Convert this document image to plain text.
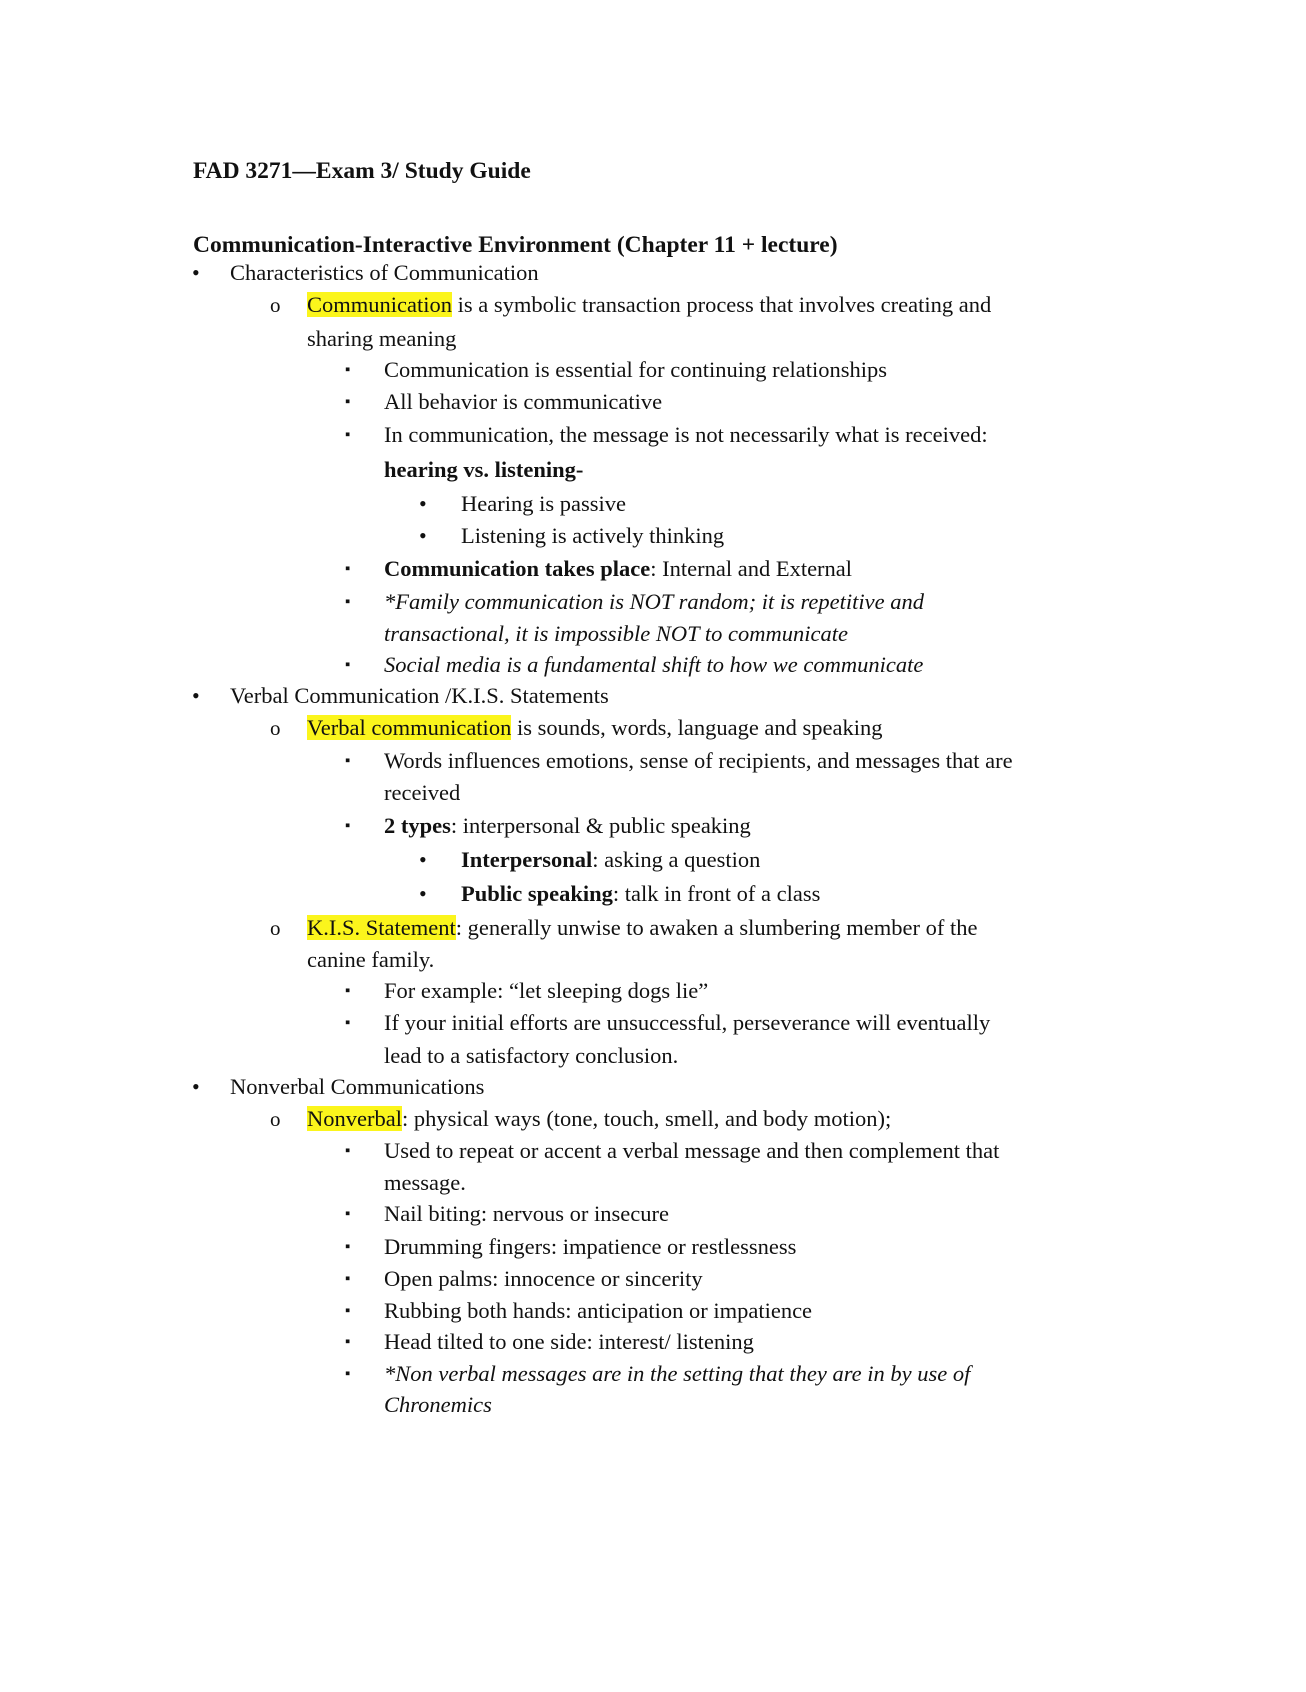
FAD 3271—Exam 3/ Study Guide
Communication-Interactive Environment (Chapter 11 + lecture)
• Characteristics of Communication
o Communication is a symbolic transaction process that involves creating and
sharing meaning
▪ Communication is essential for continuing relationships
▪ All behavior is communicative
▪ In communication, the message is not necessarily what is received:
hearing vs. listening-
• Hearing is passive
• Listening is actively thinking
▪ Communication takes place: Internal and External
▪ *Family communication is NOT random; it is repetitive and
transactional, it is impossible NOT to communicate
▪ Social media is a fundamental shift to how we communicate
• Verbal Communication /K.I.S. Statements
o Verbal communication is sounds, words, language and speaking
▪ Words influences emotions, sense of recipients, and messages that are
received
▪ 2 types: interpersonal & public speaking
• Interpersonal: asking a question
• Public speaking: talk in front of a class
o K.I.S. Statement: generally unwise to awaken a slumbering member of the
canine family.
▪ For example: “let sleeping dogs lie”
▪ If your initial efforts are unsuccessful, perseverance will eventually
lead to a satisfactory conclusion.
• Nonverbal Communications
o Nonverbal: physical ways (tone, touch, smell, and body motion);
▪ Used to repeat or accent a verbal message and then complement that
message.
▪ Nail biting: nervous or insecure
▪ Drumming fingers: impatience or restlessness
▪ Open palms: innocence or sincerity
▪ Rubbing both hands: anticipation or impatience
▪ Head tilted to one side: interest/ listening
▪ *Non verbal messages are in the setting that they are in by use of
Chronemics
